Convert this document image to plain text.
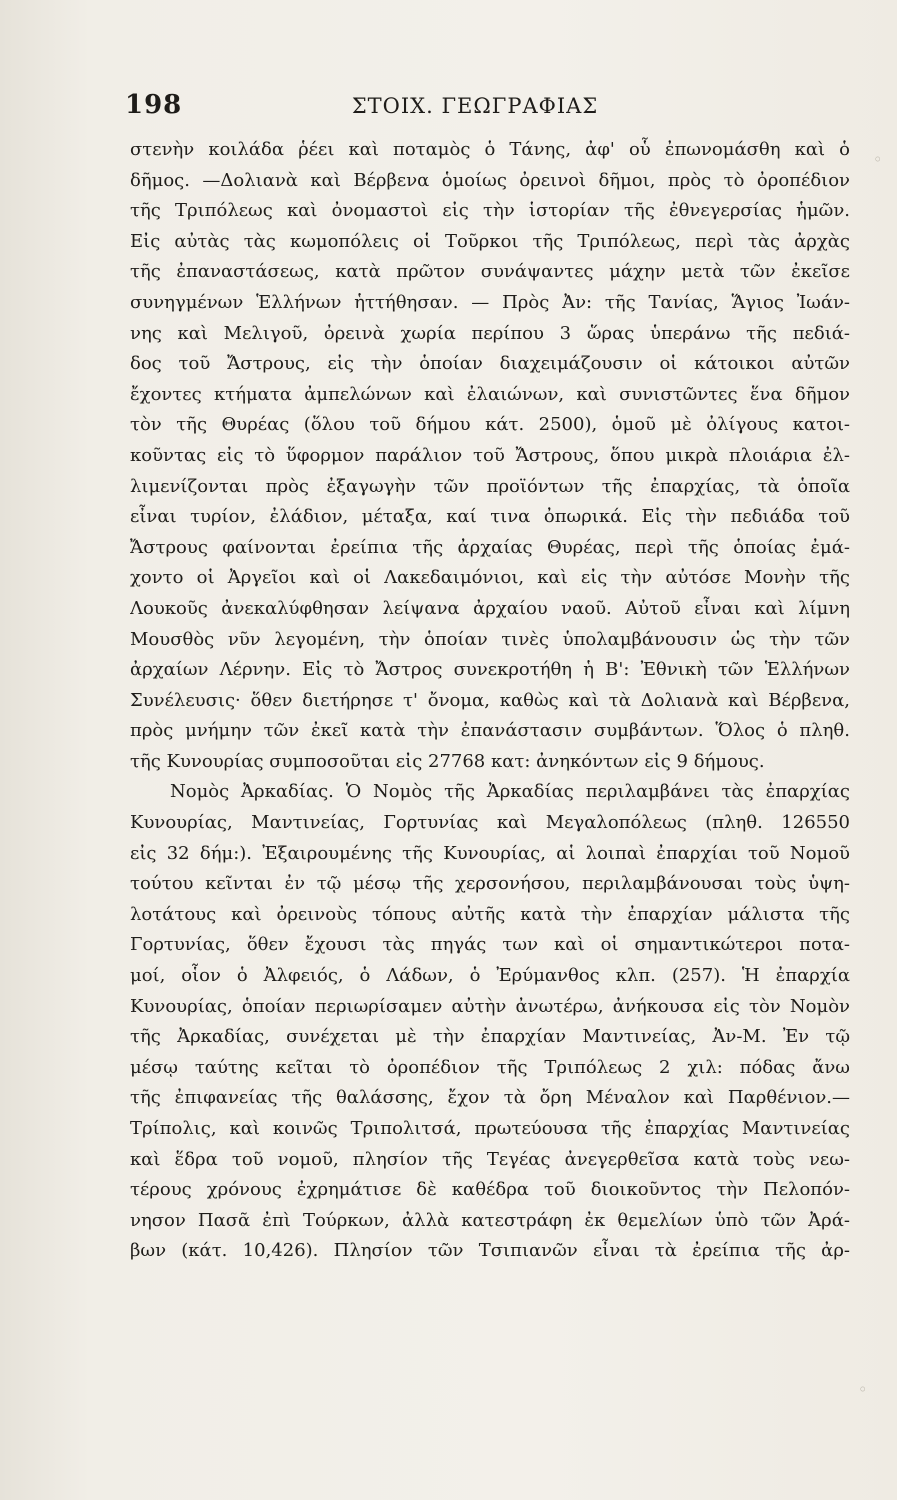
198	ΣΤΟΙΧ. ΓΕΩΓΡΑΦΙΑΣ
στενὴν κοιλάδα ῥέει καὶ ποταμὸς ὁ Τάνης, ἀφ' οὗ ἐπωνομάσθη καὶ ὁ
δῆμος. —Δολιανὰ καὶ Βέρβενα ὁμοίως ὀρεινοὶ δῆμοι, πρὸς τὸ ὀροπέδιον
τῆς Τριπόλεως καὶ ὀνομαστοὶ εἰς τὴν ἱστορίαν τῆς ἐθνεγερσίας ἡμῶν.
Εἰς αὐτὰς τὰς κωμοπόλεις οἱ Τοῦρκοι τῆς Τριπόλεως, περὶ τὰς ἀρχὰς
τῆς ἐπαναστάσεως, κατὰ πρῶτον συνάψαντες μάχην μετὰ τῶν ἐκεῖσε
συνηγμένων Ἑλλήνων ἡττήθησαν. — Πρὸς Ἀν: τῆς Τανίας, Ἅγιος Ἰωάν-
νης καὶ Μελιγοῦ, ὀρεινὰ χωρία περίπου 3 ὥρας ὑπεράνω τῆς πεδιά-
δος τοῦ Ἄστρους, εἰς τὴν ὁποίαν διαχειμάζουσιν οἱ κάτοικοι αὐτῶν
ἔχοντες κτήματα ἀμπελώνων καὶ ἐλαιώνων, καὶ συνιστῶντες ἕνα δῆμον
τὸν τῆς Θυρέας (ὅλου τοῦ δήμου κάτ. 2500), ὁμοῦ μὲ ὀλίγους κατοι-
κοῦντας εἰς τὸ ὕφορμον παράλιον τοῦ Ἄστρους, ὅπου μικρὰ πλοιάρια ἐλ-
λιμενίζονται πρὸς ἐξαγωγὴν τῶν προϊόντων τῆς ἐπαρχίας, τὰ ὁποῖα
εἶναι τυρίον, ἐλάδιον, μέταξα, καί τινα ὀπωρικά. Εἰς τὴν πεδιάδα τοῦ
Ἄστρους φαίνονται ἐρείπια τῆς ἀρχαίας Θυρέας, περὶ τῆς ὁποίας ἐμά-
χοντο οἱ Ἀργεῖοι καὶ οἱ Λακεδαιμόνιοι, καὶ εἰς τὴν αὐτόσε Μονὴν τῆς
Λουκοῦς ἀνεκαλύφθησαν λείψανα ἀρχαίου ναοῦ. Αὐτοῦ εἶναι καὶ λίμνη
Μουσθὸς νῦν λεγομένη, τὴν ὁποίαν τινὲς ὑπολαμβάνουσιν ὡς τὴν τῶν
ἀρχαίων Λέρνην. Εἰς τὸ Ἄστρος συνεκροτήθη ἡ Β': Ἐθνικὴ τῶν Ἑλλήνων
Συνέλευσις· ὅθεν διετήρησε τ' ὄνομα, καθὼς καὶ τὰ Δολιανὰ καὶ Βέρβενα,
πρὸς μνήμην τῶν ἐκεῖ κατὰ τὴν ἐπανάστασιν συμβάντων. Ὅλος ὁ πληθ.
τῆς Κυνουρίας συμποσοῦται εἰς 27768 κατ: ἀνηκόντων εἰς 9 δήμους.
Νομὸς Ἀρκαδίας. Ὁ Νομὸς τῆς Ἀρκαδίας περιλαμβάνει τὰς ἐπαρχίας
Κυνουρίας, Μαντινείας, Γορτυνίας καὶ Μεγαλοπόλεως (πληθ. 126550
εἰς 32 δήμ:). Ἐξαιρουμένης τῆς Κυνουρίας, αἱ λοιπαὶ ἐπαρχίαι τοῦ Νομοῦ
τούτου κεῖνται ἐν τῷ μέσῳ τῆς χερσονήσου, περιλαμβάνουσαι τοὺς ὑψη-
λοτάτους καὶ ὀρεινοὺς τόπους αὐτῆς κατὰ τὴν ἐπαρχίαν μάλιστα τῆς
Γορτυνίας, ὅθεν ἔχουσι τὰς πηγάς των καὶ οἱ σημαντικώτεροι ποτα-
μοί, οἷον ὁ Ἀλφειός, ὁ Λάδων, ὁ Ἐρύμανθος κλπ. (257). Ἡ ἐπαρχία
Κυνουρίας, ὁποίαν περιωρίσαμεν αὐτὴν ἀνωτέρω, ἀνήκουσα εἰς τὸν Νομὸν
τῆς Ἀρκαδίας, συνέχεται μὲ τὴν ἐπαρχίαν Μαντινείας, Ἀν-Μ. Ἐν τῷ
μέσῳ ταύτης κεῖται τὸ ὀροπέδιον τῆς Τριπόλεως 2 χιλ: πόδας ἄνω
τῆς ἐπιφανείας τῆς θαλάσσης, ἔχον τὰ ὄρη Μέναλον καὶ Παρθένιον.—
Τρίπολις, καὶ κοινῶς Τριπολιτσά, πρωτεύουσα τῆς ἐπαρχίας Μαντινείας
καὶ ἕδρα τοῦ νομοῦ, πλησίον τῆς Τεγέας ἀνεγερθεῖσα κατὰ τοὺς νεω-
τέρους χρόνους ἐχρημάτισε δὲ καθέδρα τοῦ διοικοῦντος τὴν Πελοπόν-
νησον Πασᾶ ἐπὶ Τούρκων, ἀλλὰ κατεστράφη ἐκ θεμελίων ὑπὸ τῶν Ἀρά-
βων (κάτ. 10,426). Πλησίον τῶν Τσιπιανῶν εἶναι τὰ ἐρείπια τῆς ἀρ-
◦
◦
